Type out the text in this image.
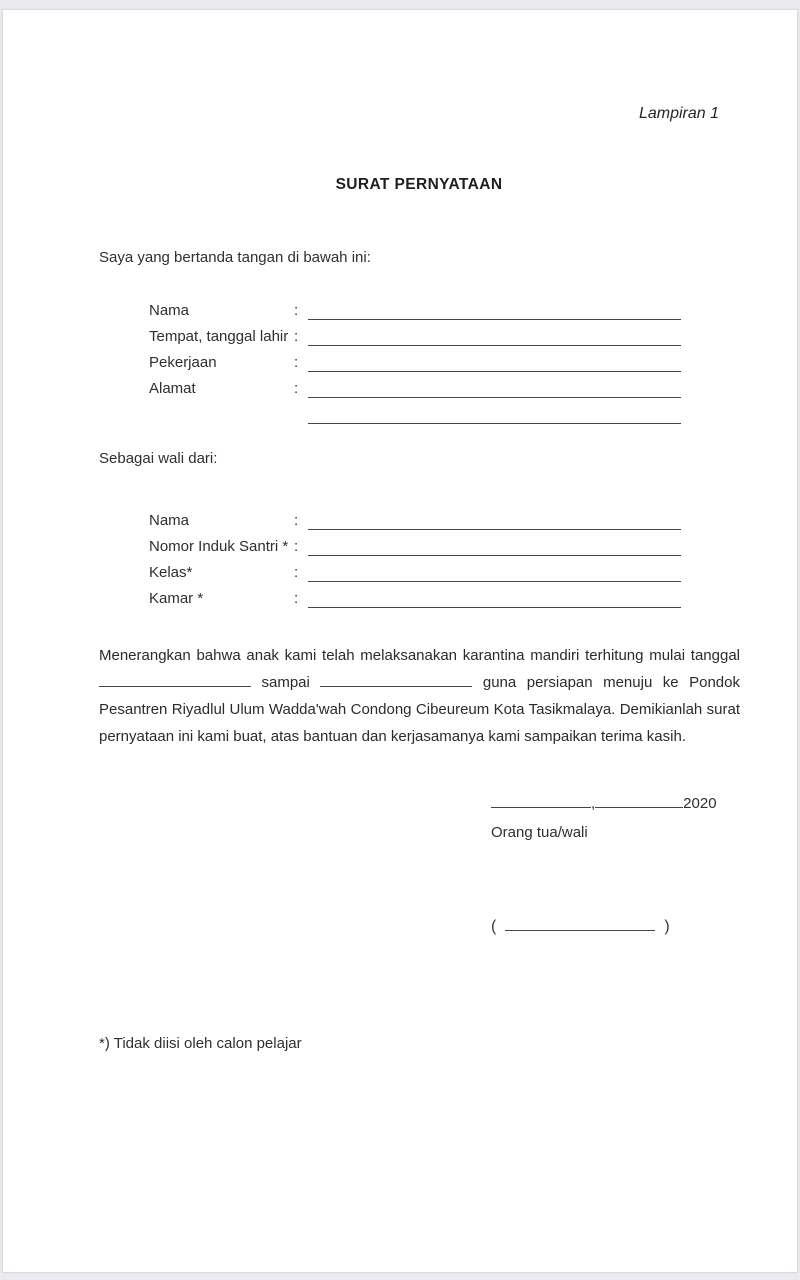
Lampiran 1
SURAT PERNYATAAN
Saya yang bertanda tangan di bawah ini:
Nama	:
Tempat, tanggal lahir :
Pekerjaan	:
Alamat	:
Sebagai wali dari:
Nama	:
Nomor Induk Santri * :
Kelas*	:
Kamar *	:

Menerangkan bahwa anak kami telah melaksanakan karantina mandiri terhitung mulai tanggal  sampai	guna persiapan menuju ke Pondok Pesantren Riyadlul Ulum Wadda'wah Condong Cibeureum Kota Tasikmalaya. Demikianlah surat pernyataan ini kami buat, atas bantuan dan kerjasamanya kami sampaikan terima kasih.

,	2020
Orang tua/wali
(	)
*) Tidak diisi oleh calon pelajar
